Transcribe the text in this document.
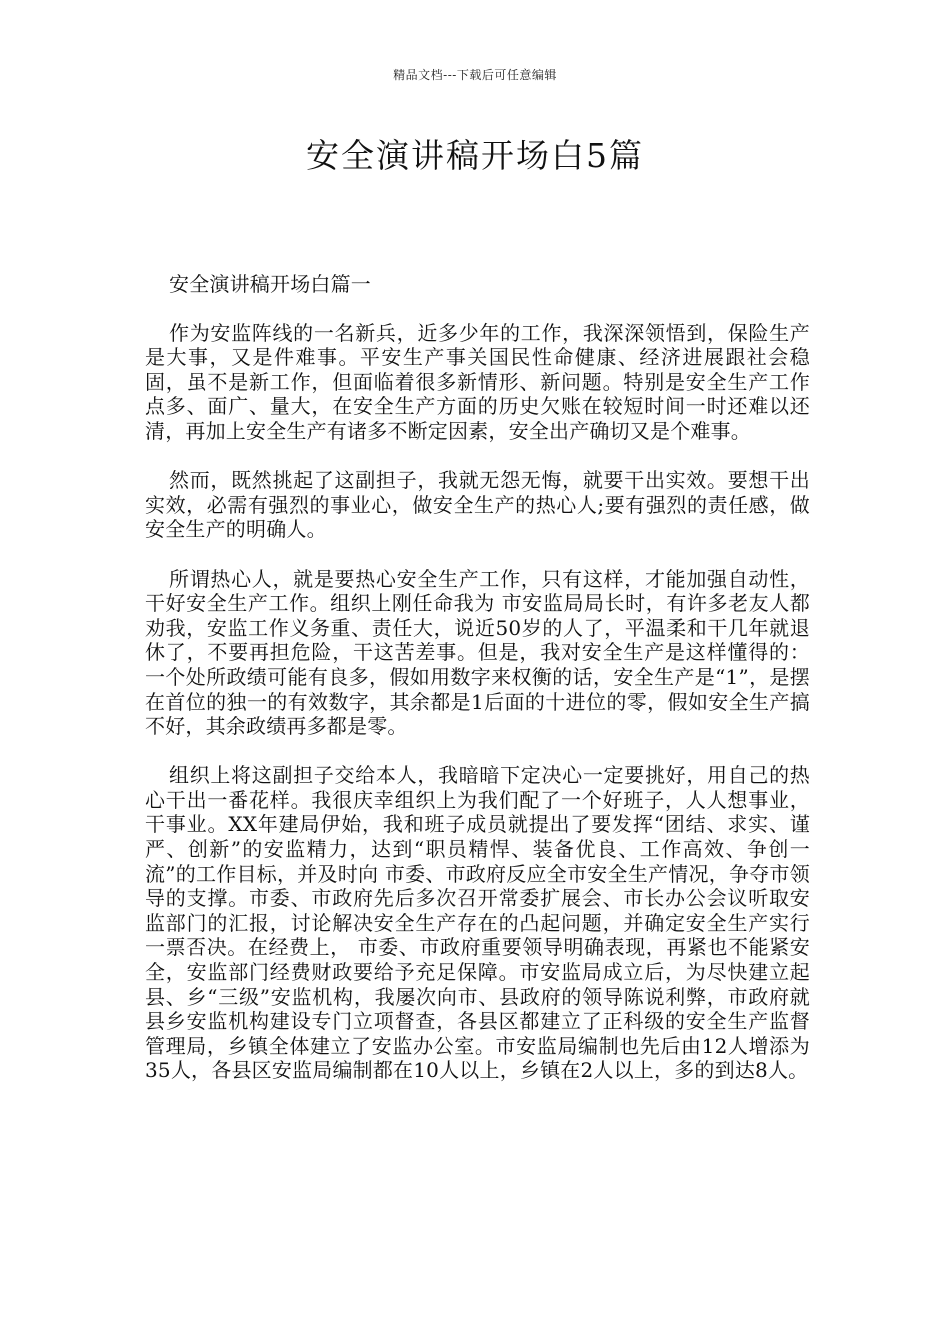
精品文档---下载后可任意编辑
安全演讲稿开场白5篇

安全演讲稿开场白篇一

作为安监阵线的一名新兵，近多少年的工作，我深深领悟到，保险生产是大事，又是件难事。平安生产事关国民性命健康、经济进展跟社会稳固，虽不是新工作，但面临着很多新情形、新问题。特别是安全生产工作点多、面广、量大，在安全生产方面的历史欠账在较短时间一时还难以还清，再加上安全生产有诸多不断定因素，安全出产确切又是个难事。

然而，既然挑起了这副担子，我就无怨无悔，就要干出实效。要想干出实效，必需有强烈的事业心，做安全生产的热心人;要有强烈的责任感，做安全生产的明确人。

所谓热心人，就是要热心安全生产工作，只有这样，才能加强自动性，干好安全生产工作。组织上刚任命我为 市安监局局长时，有许多老友人都劝我，安监工作义务重、责任大，说近50岁的人了，平温柔和干几年就退休了，不要再担危险，干这苦差事。但是，我对安全生产是这样懂得的：一个处所政绩可能有良多，假如用数字来权衡的话，安全生产是“1”，是摆在首位的独一的有效数字，其余都是1后面的十进位的零，假如安全生产搞不好，其余政绩再多都是零。

组织上将这副担子交给本人，我暗暗下定决心一定要挑好，用自己的热心干出一番花样。我很庆幸组织上为我们配了一个好班子，人人想事业，干事业。XX年建局伊始，我和班子成员就提出了要发挥“团结、求实、谨严、创新”的安监精力，达到“职员精悍、装备优良、工作高效、争创一流”的工作目标，并及时向 市委、市政府反应全市安全生产情况，争夺市领导的支撑。市委、市政府先后多次召开常委扩展会、市长办公会议听取安监部门的汇报，讨论解决安全生产存在的凸起问题，并确定安全生产实行一票否决。在经费上， 市委、市政府重要领导明确表现，再紧也不能紧安全，安监部门经费财政要给予充足保障。市安监局成立后，为尽快建立起县、乡“三级”安监机构，我屡次向市、县政府的领导陈说利弊，市政府就县乡安监机构建设专门立项督查，各县区都建立了正科级的安全生产监督管理局，乡镇全体建立了安监办公室。市安监局编制也先后由12人增添为35人，各县区安监局编制都在10人以上，乡镇在2人以上，多的到达8人。
